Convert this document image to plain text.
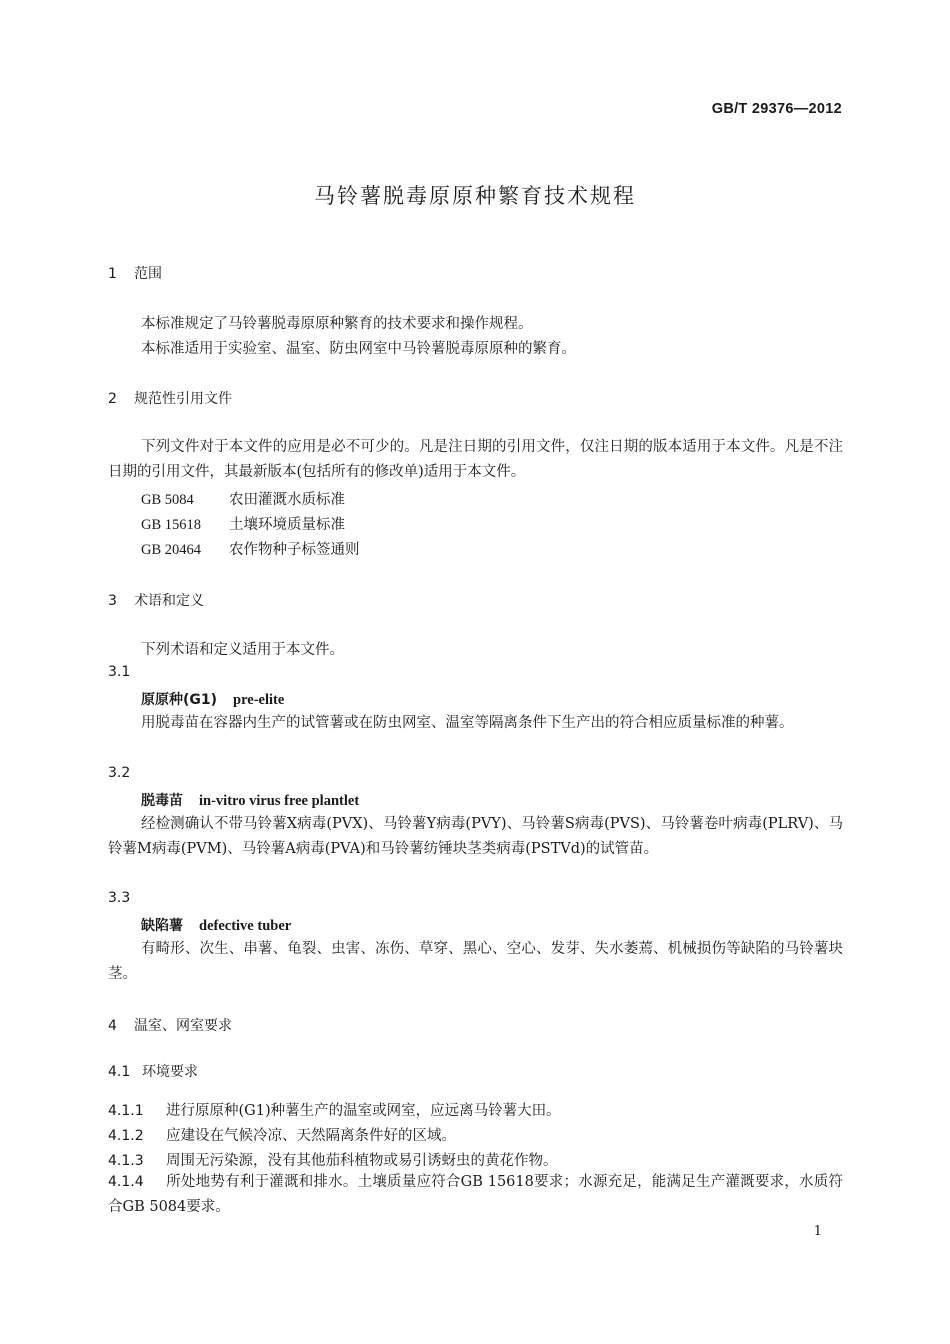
GB/T 29376—2012
马铃薯脱毒原原种繁育技术规程
1 范围
本标准规定了马铃薯脱毒原原种繁育的技术要求和操作规程。
本标准适用于实验室、温室、防虫网室中马铃薯脱毒原原种的繁育。
2 规范性引用文件
下列文件对于本文件的应用是必不可少的。凡是注日期的引用文件，仅注日期的版本适用于本文件。凡是不注日期的引用文件，其最新版本(包括所有的修改单)适用于本文件。
GB 5084 农田灌溉水质标准
GB 15618 土壤环境质量标准
GB 20464 农作物种子标签通则
3 术语和定义
下列术语和定义适用于本文件。
3.1
原原种(G1) pre-elite
用脱毒苗在容器内生产的试管薯或在防虫网室、温室等隔离条件下生产出的符合相应质量标准的种薯。
3.2
脱毒苗 in-vitro virus free plantlet
经检测确认不带马铃薯X病毒(PVX)、马铃薯Y病毒(PVY)、马铃薯S病毒(PVS)、马铃薯卷叶病毒(PLRV)、马铃薯M病毒(PVM)、马铃薯A病毒(PVA)和马铃薯纺锤块茎类病毒(PSTVd)的试管苗。
3.3
缺陷薯 defective tuber
有畸形、次生、串薯、龟裂、虫害、冻伤、草穿、黑心、空心、发芽、失水萎蔫、机械损伤等缺陷的马铃薯块茎。
4 温室、网室要求
4.1 环境要求
4.1.1 进行原原种(G1)种薯生产的温室或网室，应远离马铃薯大田。
4.1.2 应建设在气候冷凉、天然隔离条件好的区域。
4.1.3 周围无污染源，没有其他茄科植物或易引诱蚜虫的黄花作物。
4.1.4 所处地势有利于灌溉和排水。土壤质量应符合GB 15618要求；水源充足，能满足生产灌溉要求，水质符合GB 5084要求。
1
